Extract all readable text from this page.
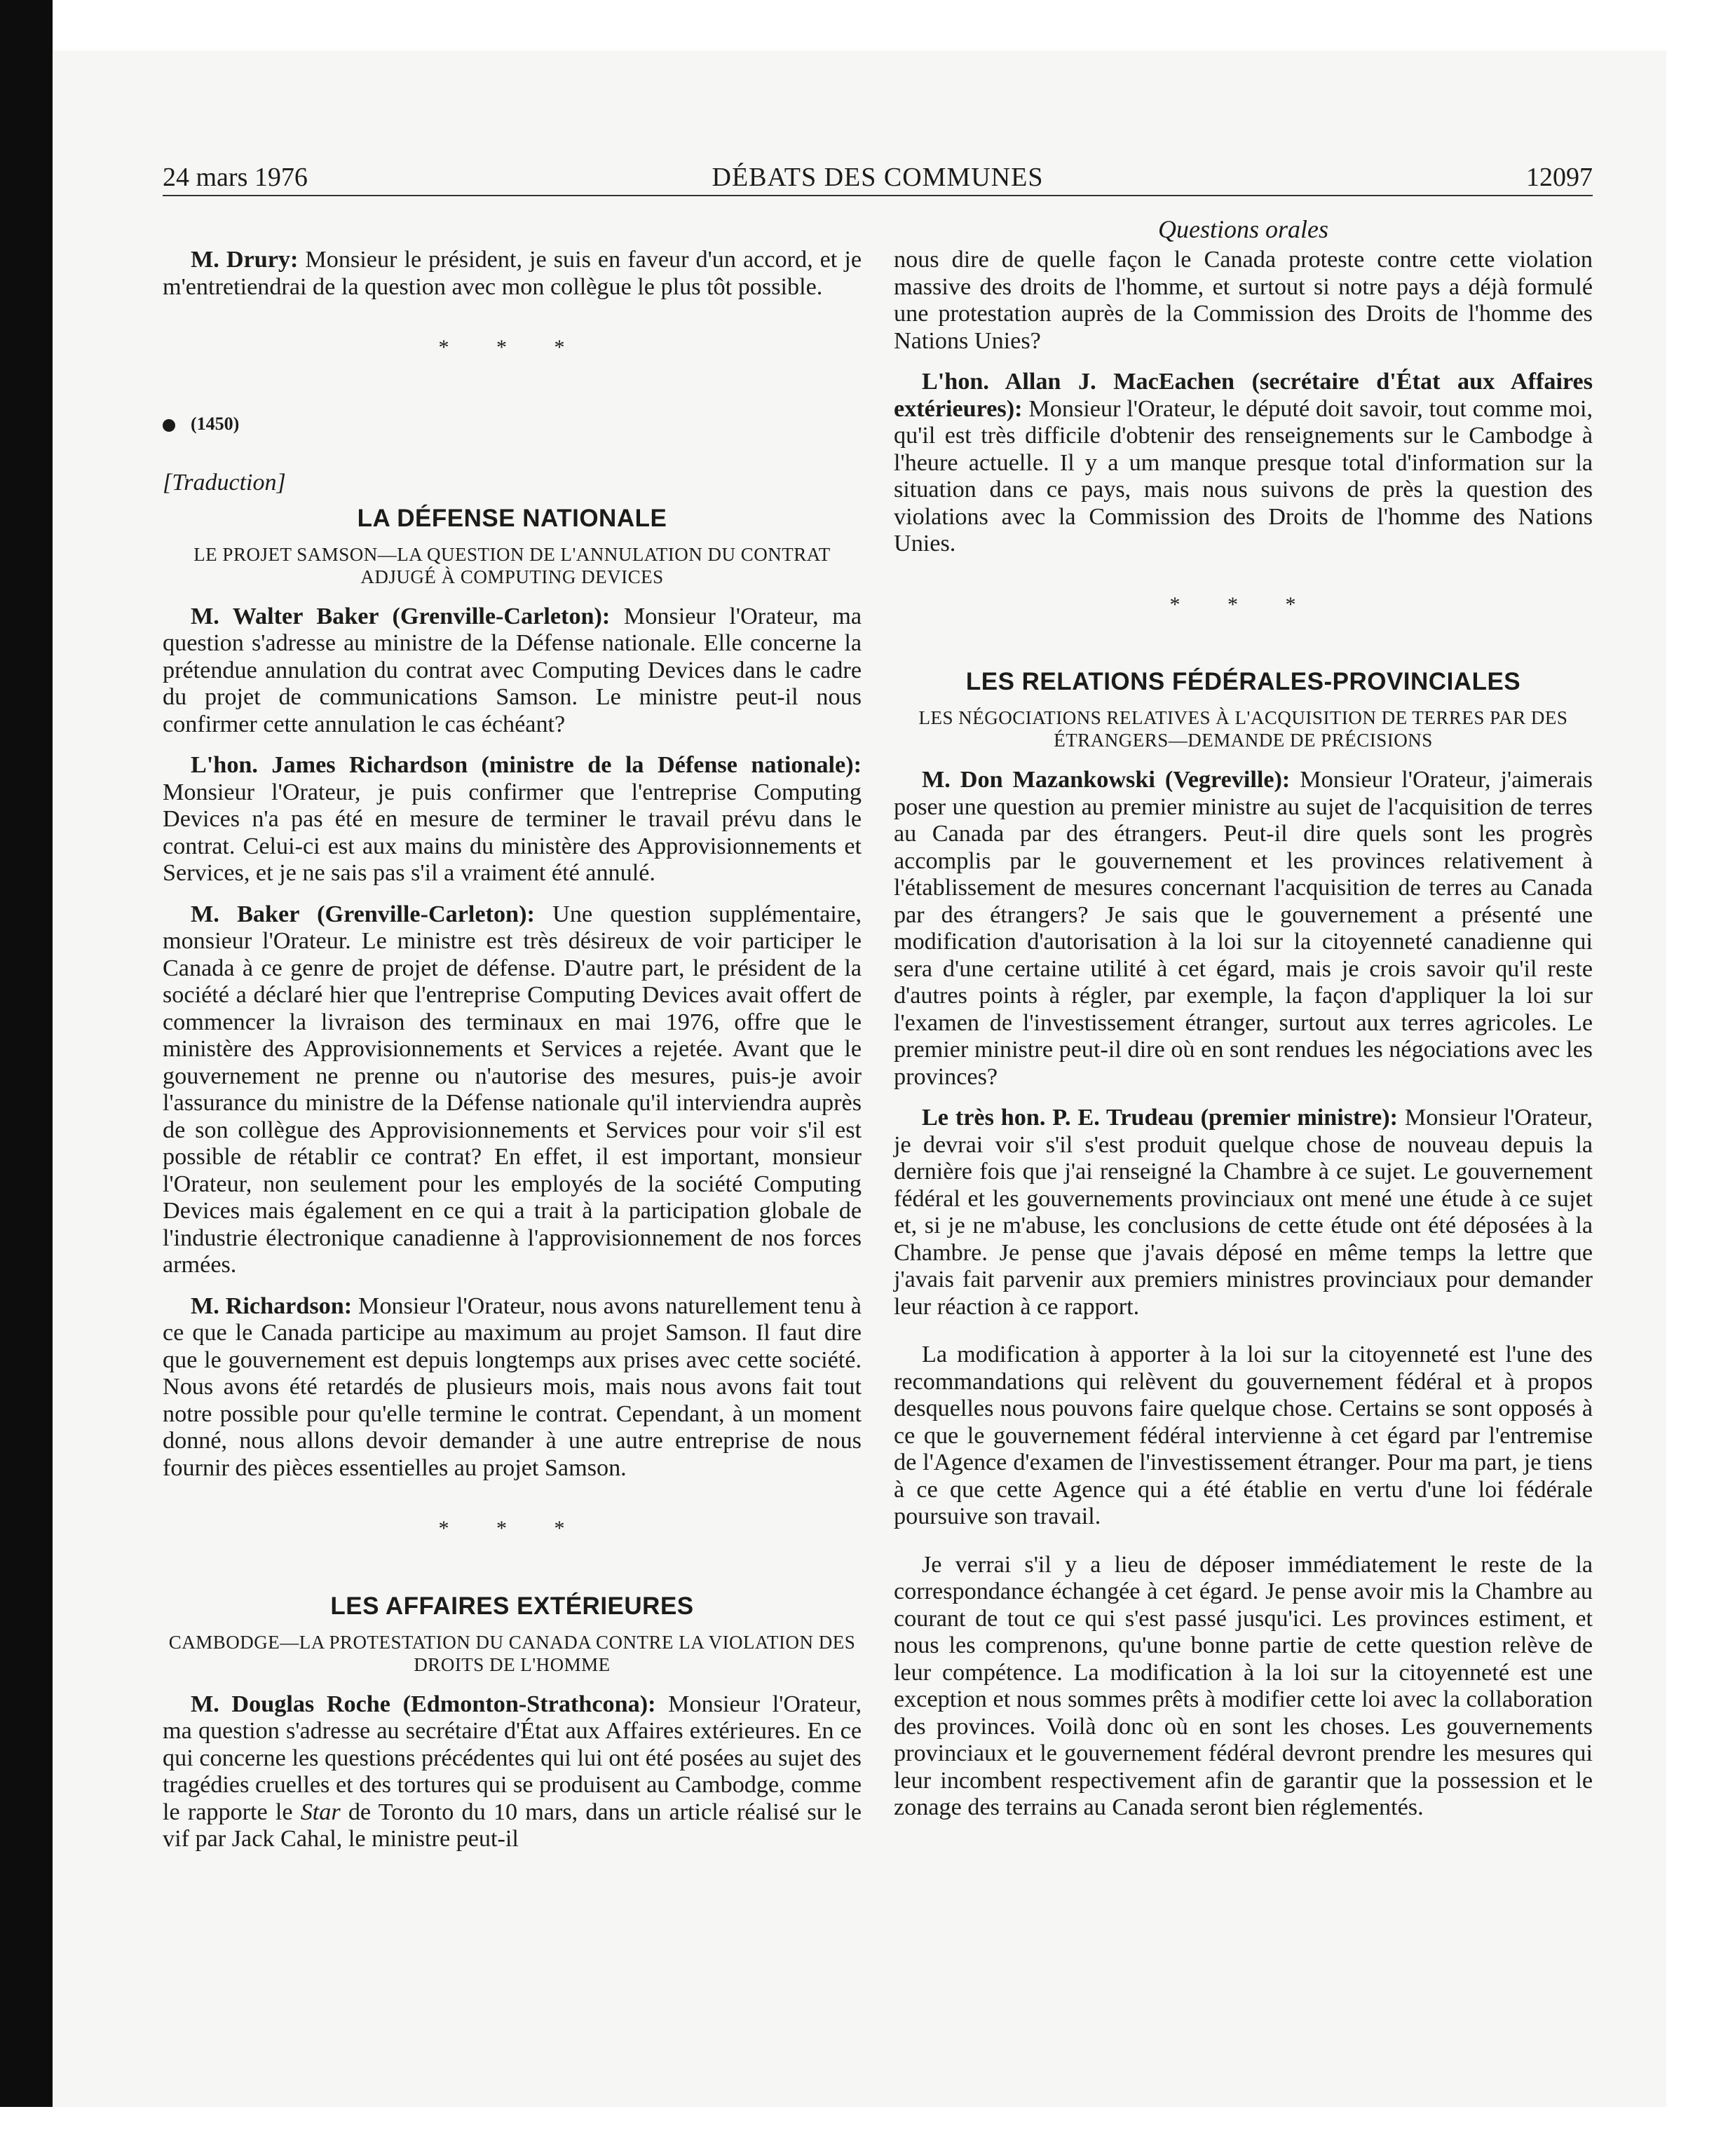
24 mars 1976	DÉBATS DES COMMUNES	12097
Questions orales

M. Drury: Monsieur le président, je suis en faveur d'un accord, et je m'entretiendrai de la question avec mon collègue le plus tôt possible.

* * *
(1450)
[Traduction]
LA DÉFENSE NATIONALE
LE PROJET SAMSON—LA QUESTION DE L'ANNULATION DU CONTRAT ADJUGÉ À COMPUTING DEVICES

M. Walter Baker (Grenville-Carleton): Monsieur l'Orateur, ma question s'adresse au ministre de la Défense nationale. Elle concerne la prétendue annulation du contrat avec Computing Devices dans le cadre du projet de communications Samson. Le ministre peut-il nous confirmer cette annulation le cas échéant?

L'hon. James Richardson (ministre de la Défense nationale): Monsieur l'Orateur, je puis confirmer que l'entreprise Computing Devices n'a pas été en mesure de terminer le travail prévu dans le contrat. Celui-ci est aux mains du ministère des Approvisionnements et Services, et je ne sais pas s'il a vraiment été annulé.

M. Baker (Grenville-Carleton): Une question supplémentaire, monsieur l'Orateur. Le ministre est très désireux de voir participer le Canada à ce genre de projet de défense. D'autre part, le président de la société a déclaré hier que l'entreprise Computing Devices avait offert de commencer la livraison des terminaux en mai 1976, offre que le ministère des Approvisionnements et Services a rejetée. Avant que le gouvernement ne prenne ou n'autorise des mesures, puis-je avoir l'assurance du ministre de la Défense nationale qu'il interviendra auprès de son collègue des Approvisionnements et Services pour voir s'il est possible de rétablir ce contrat? En effet, il est important, monsieur l'Orateur, non seulement pour les employés de la société Computing Devices mais également en ce qui a trait à la participation globale de l'industrie électronique canadienne à l'approvisionnement de nos forces armées.

M. Richardson: Monsieur l'Orateur, nous avons naturellement tenu à ce que le Canada participe au maximum au projet Samson. Il faut dire que le gouvernement est depuis longtemps aux prises avec cette société. Nous avons été retardés de plusieurs mois, mais nous avons fait tout notre possible pour qu'elle termine le contrat. Cependant, à un moment donné, nous allons devoir demander à une autre entreprise de nous fournir des pièces essentielles au projet Samson.

* * *
LES AFFAIRES EXTÉRIEURES
CAMBODGE—LA PROTESTATION DU CANADA CONTRE LA VIOLATION DES DROITS DE L'HOMME

M. Douglas Roche (Edmonton-Strathcona): Monsieur l'Orateur, ma question s'adresse au secrétaire d'État aux Affaires extérieures. En ce qui concerne les questions précédentes qui lui ont été posées au sujet des tragédies cruelles et des tortures qui se produisent au Cambodge, comme le rapporte le Star de Toronto du 10 mars, dans un article réalisé sur le vif par Jack Cahal, le ministre peut-il

nous dire de quelle façon le Canada proteste contre cette violation massive des droits de l'homme, et surtout si notre pays a déjà formulé une protestation auprès de la Commission des Droits de l'homme des Nations Unies?

L'hon. Allan J. MacEachen (secrétaire d'État aux Affaires extérieures): Monsieur l'Orateur, le député doit savoir, tout comme moi, qu'il est très difficile d'obtenir des renseignements sur le Cambodge à l'heure actuelle. Il y a um manque presque total d'information sur la situation dans ce pays, mais nous suivons de près la question des violations avec la Commission des Droits de l'homme des Nations Unies.

* * *
LES RELATIONS FÉDÉRALES-PROVINCIALES
LES NÉGOCIATIONS RELATIVES À L'ACQUISITION DE TERRES PAR DES ÉTRANGERS—DEMANDE DE PRÉCISIONS

M. Don Mazankowski (Vegreville): Monsieur l'Orateur, j'aimerais poser une question au premier ministre au sujet de l'acquisition de terres au Canada par des étrangers. Peut-il dire quels sont les progrès accomplis par le gouvernement et les provinces relativement à l'établissement de mesures concernant l'acquisition de terres au Canada par des étrangers? Je sais que le gouvernement a présenté une modification d'autorisation à la loi sur la citoyenneté canadienne qui sera d'une certaine utilité à cet égard, mais je crois savoir qu'il reste d'autres points à régler, par exemple, la façon d'appliquer la loi sur l'examen de l'investissement étranger, surtout aux terres agricoles. Le premier ministre peut-il dire où en sont rendues les négociations avec les provinces?

Le très hon. P. E. Trudeau (premier ministre): Monsieur l'Orateur, je devrai voir s'il s'est produit quelque chose de nouveau depuis la dernière fois que j'ai renseigné la Chambre à ce sujet. Le gouvernement fédéral et les gouvernements provinciaux ont mené une étude à ce sujet et, si je ne m'abuse, les conclusions de cette étude ont été déposées à la Chambre. Je pense que j'avais déposé en même temps la lettre que j'avais fait parvenir aux premiers ministres provinciaux pour demander leur réaction à ce rapport.

La modification à apporter à la loi sur la citoyenneté est l'une des recommandations qui relèvent du gouvernement fédéral et à propos desquelles nous pouvons faire quelque chose. Certains se sont opposés à ce que le gouvernement fédéral intervienne à cet égard par l'entremise de l'Agence d'examen de l'investissement étranger. Pour ma part, je tiens à ce que cette Agence qui a été établie en vertu d'une loi fédérale poursuive son travail.

Je verrai s'il y a lieu de déposer immédiatement le reste de la correspondance échangée à cet égard. Je pense avoir mis la Chambre au courant de tout ce qui s'est passé jusqu'ici. Les provinces estiment, et nous les comprenons, qu'une bonne partie de cette question relève de leur compétence. La modification à la loi sur la citoyenneté est une exception et nous sommes prêts à modifier cette loi avec la collaboration des provinces. Voilà donc où en sont les choses. Les gouvernements provinciaux et le gouvernement fédéral devront prendre les mesures qui leur incombent respectivement afin de garantir que la possession et le zonage des terrains au Canada seront bien réglementés.
